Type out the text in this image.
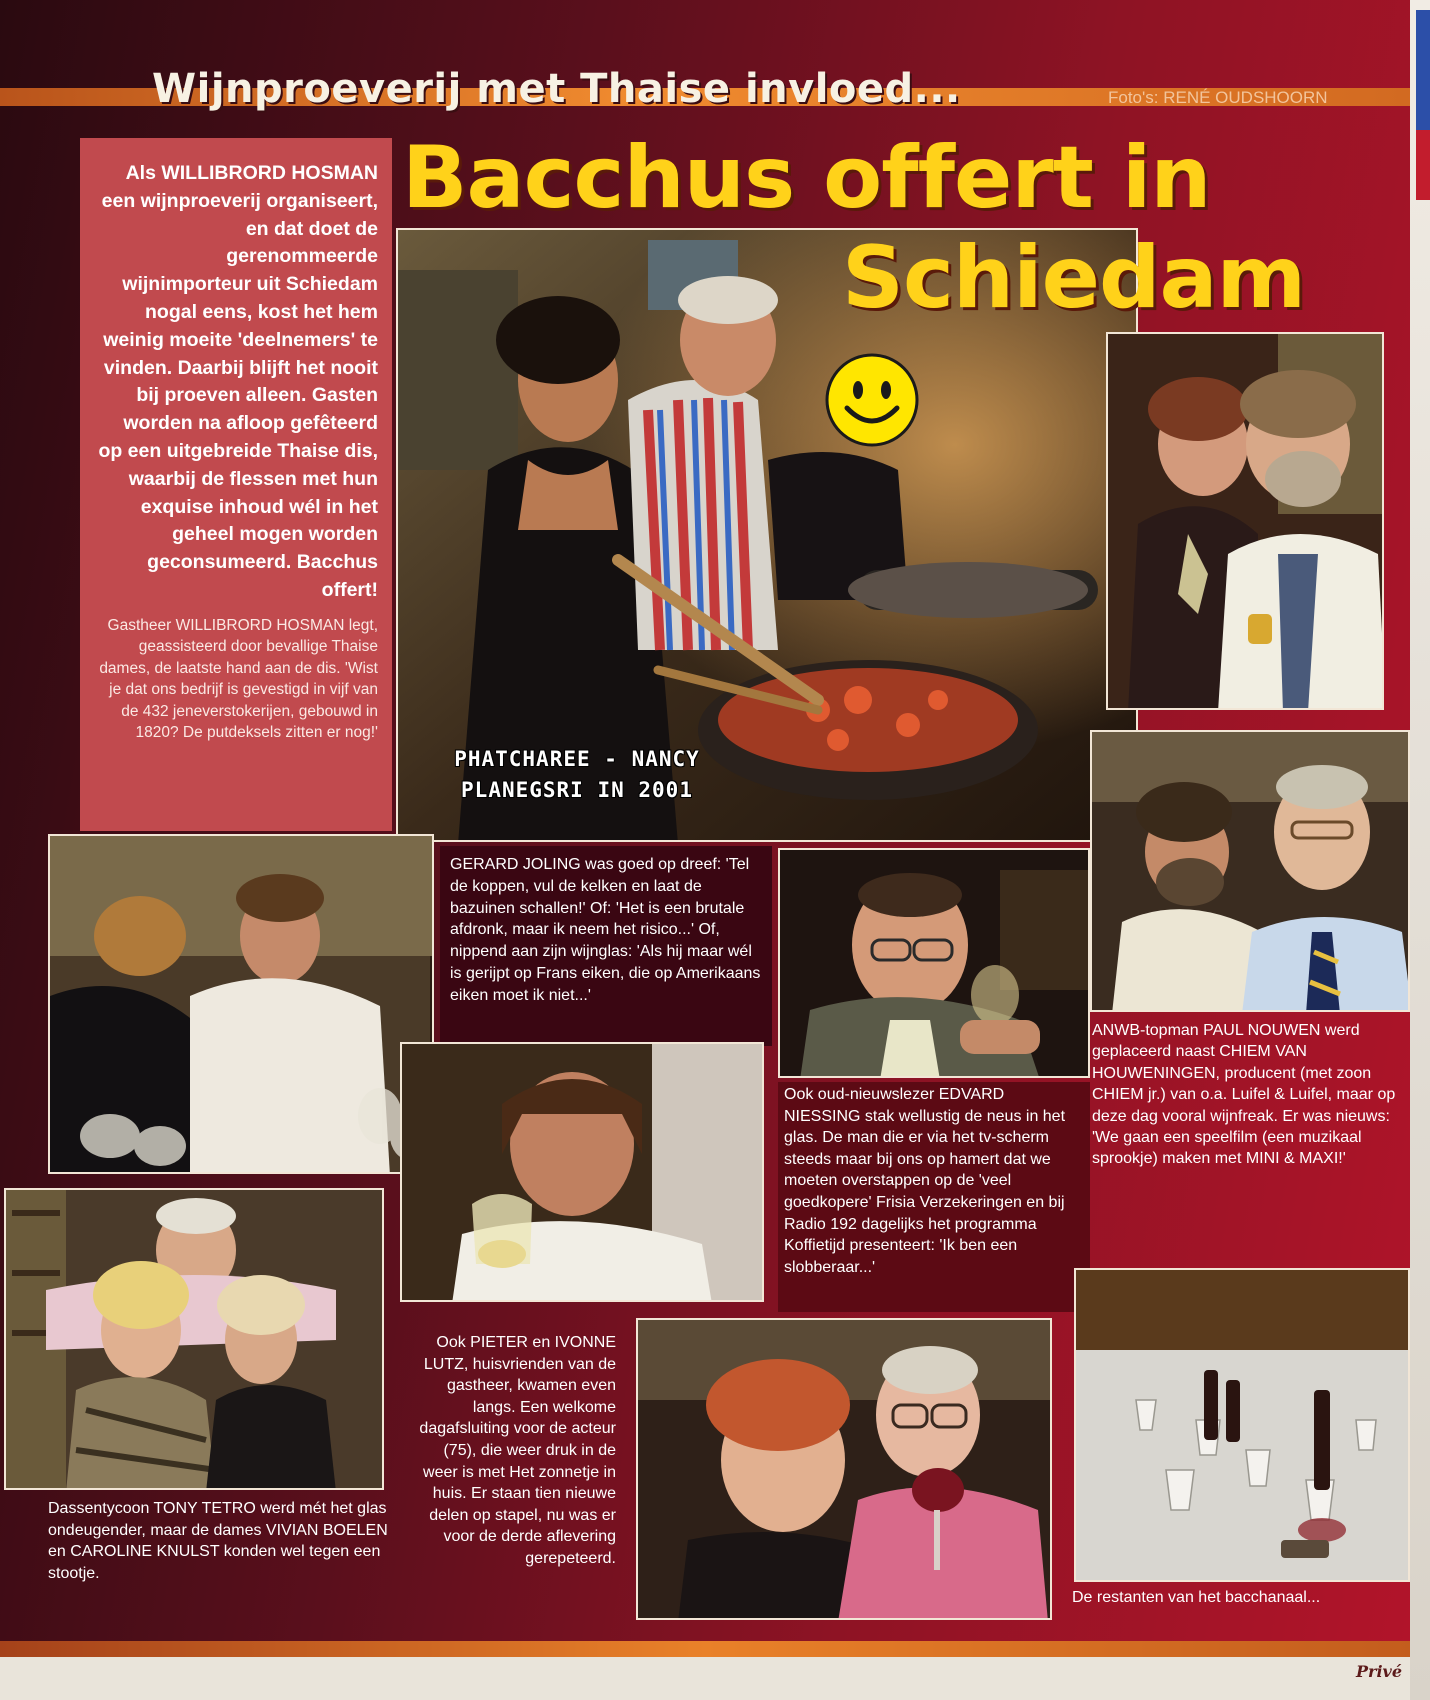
Wijnproeverij met Thaise invloed...	Foto's: RENÉ OUDSHOORN

Als WILLIBRORD HOSMAN een wijnproeverij organiseert, en dat doet de gerenommeerde wijnimporteur uit Schiedam nogal eens, kost het hem weinig moeite 'deelnemers' te vinden. Daarbij blijft het nooit bij proeven alleen. Gasten worden na afloop gefêteerd op een uitgebreide Thaise dis, waarbij de flessen met hun exquise inhoud wél in het geheel mogen worden geconsumeerd. Bacchus offert!

Gastheer WILLIBRORD HOSMAN legt, geassisteerd door bevallige Thaise dames, de laatste hand aan de dis. 'Wist je dat ons bedrijf is gevestigd in vijf van de 432 jeneverstokerijen, gebouwd in 1820? De putdeksels zitten er nog!'

Bacchus offert in
Schiedam
PHATCHAREE - NANCY
PLANEGSRI IN 2001

GERARD JOLING was goed op dreef: 'Tel de koppen, vul de kelken en laat de bazuinen schallen!' Of: 'Het is een brutale afdronk, maar ik neem het risico...' Of, nippend aan zijn wijnglas: 'Als hij maar wél is gerijpt op Frans eiken, die op Amerikaans eiken moet ik niet...'

Ook oud-nieuwslezer EDVARD NIESSING stak wellustig de neus in het glas. De man die er via het tv-scherm steeds maar bij ons op hamert dat we moeten overstappen op de 'veel goedkopere' Frisia Verzekeringen en bij Radio 192 dagelijks het programma Koffietijd presenteert: 'Ik ben een slobberaar...'

ANWB-topman PAUL NOUWEN werd geplaceerd naast CHIEM VAN HOUWENINGEN, producent (met zoon CHIEM jr.) van o.a. Luifel & Luifel, maar op deze dag vooral wijnfreak. Er was nieuws: 'We gaan een speelfilm (een muzikaal sprookje) maken met MINI & MAXI!'

Dassentycoon TONY TETRO werd mét het glas ondeugender, maar de dames VIVIAN BOELEN en CAROLINE KNULST konden wel tegen een stootje.

Ook PIETER en IVONNE LUTZ, huisvrienden van de gastheer, kwamen even langs. Een welkome dagafsluiting voor de acteur (75), die weer druk in de weer is met Het zonnetje in huis. Er staan tien nieuwe delen op stapel, nu was er voor de derde aflevering gerepeteerd.

De restanten van het bacchanaal...

Privé
